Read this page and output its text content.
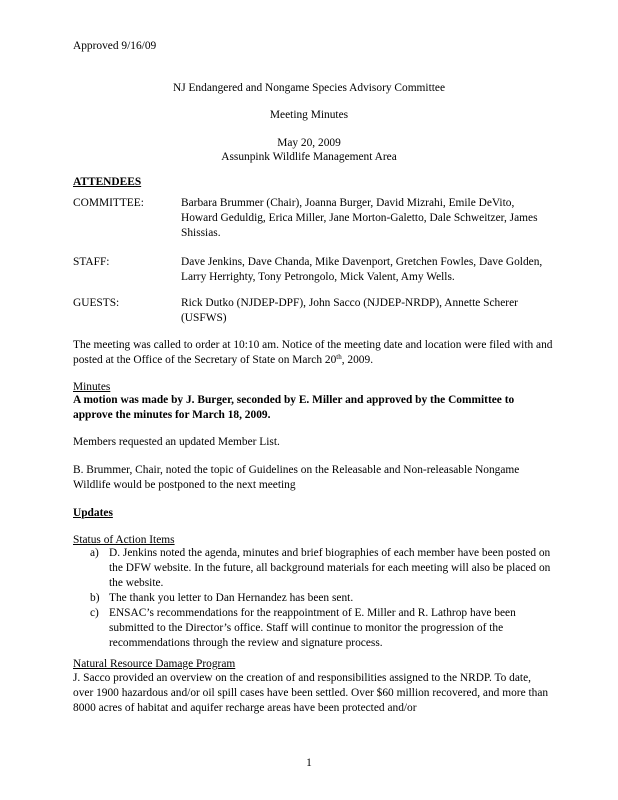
Approved 9/16/09
NJ Endangered and Nongame Species Advisory Committee
Meeting Minutes
May 20, 2009
Assunpink Wildlife Management Area
ATTENDEES
COMMITTEE:	Barbara Brummer (Chair), Joanna Burger, David Mizrahi, Emile DeVito, Howard Geduldig, Erica Miller, Jane Morton-Galetto, Dale Schweitzer, James Shissias.
STAFF:	Dave Jenkins, Dave Chanda, Mike Davenport, Gretchen Fowles, Dave Golden, Larry Herrighty, Tony Petrongolo, Mick Valent, Amy Wells.
GUESTS:	Rick Dutko (NJDEP-DPF), John Sacco (NJDEP-NRDP), Annette Scherer (USFWS)
The meeting was called to order at 10:10 am. Notice of the meeting date and location were filed with and posted at the Office of the Secretary of State on March 20th, 2009.
Minutes
A motion was made by J. Burger, seconded by E. Miller and approved by the Committee to approve the minutes for March 18, 2009.
Members requested an updated Member List.
B. Brummer, Chair, noted the topic of Guidelines on the Releasable and Non-releasable Nongame Wildlife would be postponed to the next meeting
Updates
Status of Action Items
a) D. Jenkins noted the agenda, minutes and brief biographies of each member have been posted on the DFW website. In the future, all background materials for each meeting will also be placed on the website.
b) The thank you letter to Dan Hernandez has been sent.
c) ENSAC’s recommendations for the reappointment of E. Miller and R. Lathrop have been submitted to the Director’s office. Staff will continue to monitor the progression of the recommendations through the review and signature process.
Natural Resource Damage Program
J. Sacco provided an overview on the creation of and responsibilities assigned to the NRDP. To date, over 1900 hazardous and/or oil spill cases have been settled. Over $60 million recovered, and more than 8000 acres of habitat and aquifer recharge areas have been protected and/or
1
